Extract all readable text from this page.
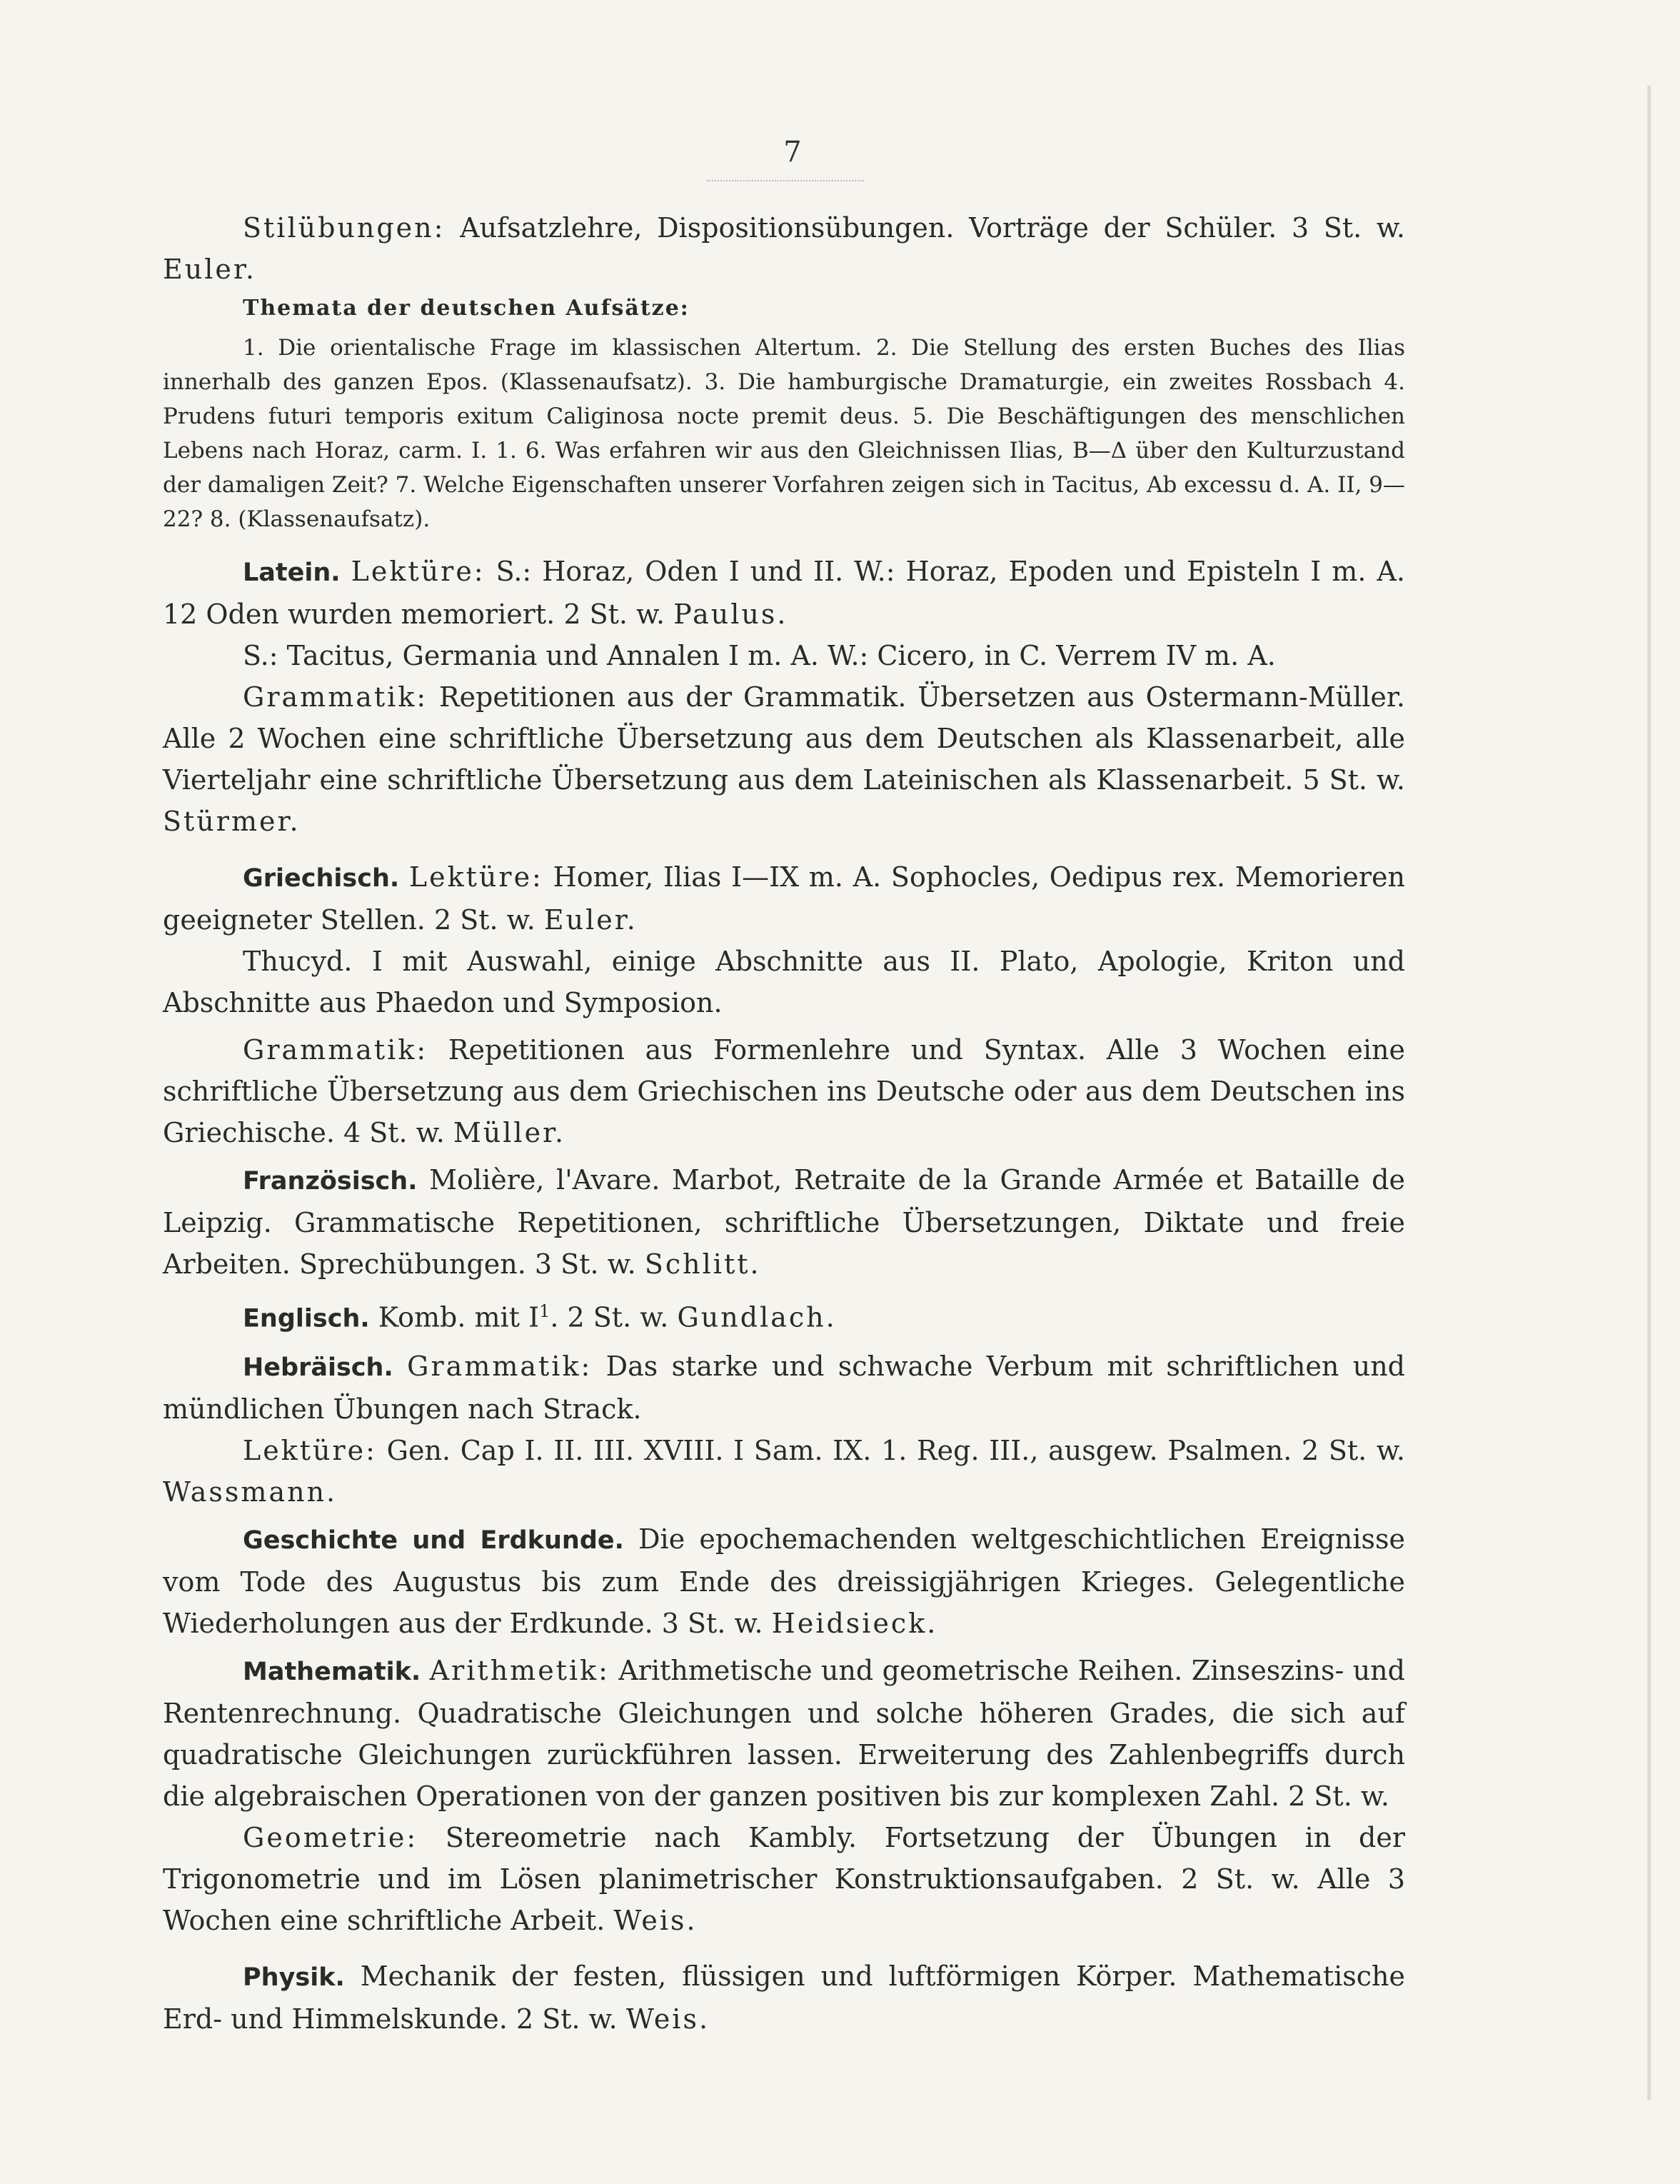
7

Stilübungen: Aufsatzlehre, Dispositionsübungen. Vorträge der Schüler. 3 St. w. Euler.

Themata der deutschen Aufsätze:

1. Die orientalische Frage im klassischen Altertum. 2. Die Stellung des ersten Buches des Ilias innerhalb des ganzen Epos. (Klassenaufsatz). 3. Die hamburgische Dramaturgie, ein zweites Rossbach 4. Prudens futuri temporis exitum Caliginosa nocte premit deus. 5. Die Beschäftigungen des menschlichen Lebens nach Horaz, carm. I. 1. 6. Was erfahren wir aus den Gleichnissen Ilias, B—Δ über den Kulturzustand der damaligen Zeit? 7. Welche Eigenschaften unserer Vorfahren zeigen sich in Tacitus, Ab excessu d. A. II, 9—22? 8. (Klassenaufsatz).

Latein. Lektüre: S.: Horaz, Oden I und II. W.: Horaz, Epoden und Episteln I m. A. 12 Oden wurden memoriert. 2 St. w. Paulus.

S.: Tacitus, Germania und Annalen I m. A. W.: Cicero, in C. Verrem IV m. A.

Grammatik: Repetitionen aus der Grammatik. Übersetzen aus Ostermann-Müller. Alle 2 Wochen eine schriftliche Übersetzung aus dem Deutschen als Klassenarbeit, alle Vierteljahr eine schriftliche Übersetzung aus dem Lateinischen als Klassenarbeit. 5 St. w. Stürmer.

Griechisch. Lektüre: Homer, Ilias I—IX m. A. Sophocles, Oedipus rex. Memorieren geeigneter Stellen. 2 St. w. Euler.

Thucyd. I mit Auswahl, einige Abschnitte aus II. Plato, Apologie, Kriton und Abschnitte aus Phaedon und Symposion.

Grammatik: Repetitionen aus Formenlehre und Syntax. Alle 3 Wochen eine schriftliche Übersetzung aus dem Griechischen ins Deutsche oder aus dem Deutschen ins Griechische. 4 St. w. Müller.

Französisch. Molière, l'Avare. Marbot, Retraite de la Grande Armée et Bataille de Leipzig. Grammatische Repetitionen, schriftliche Übersetzungen, Diktate und freie Arbeiten. Sprechübungen. 3 St. w. Schlitt.

Englisch. Komb. mit $I^1$. 2 St. w. Gundlach.

Hebräisch. Grammatik: Das starke und schwache Verbum mit schriftlichen und mündlichen Übungen nach Strack.

Lektüre: Gen. Cap I. II. III. XVIII. I Sam. IX. 1. Reg. III., ausgew. Psalmen. 2 St. w. Wassmann.

Geschichte und Erdkunde. Die epochemachenden weltgeschichtlichen Ereignisse vom Tode des Augustus bis zum Ende des dreissigjährigen Krieges. Gelegentliche Wiederholungen aus der Erdkunde. 3 St. w. Heidsieck.

Mathematik. Arithmetik: Arithmetische und geometrische Reihen. Zinseszins- und Rentenrechnung. Quadratische Gleichungen und solche höheren Grades, die sich auf quadratische Gleichungen zurückführen lassen. Erweiterung des Zahlenbegriffs durch die algebraischen Operationen von der ganzen positiven bis zur komplexen Zahl. 2 St. w.

Geometrie: Stereometrie nach Kambly. Fortsetzung der Übungen in der Trigonometrie und im Lösen planimetrischer Konstruktionsaufgaben. 2 St. w. Alle 3 Wochen eine schriftliche Arbeit. Weis.

Physik. Mechanik der festen, flüssigen und luftförmigen Körper. Mathematische Erd- und Himmelskunde. 2 St. w. Weis.
